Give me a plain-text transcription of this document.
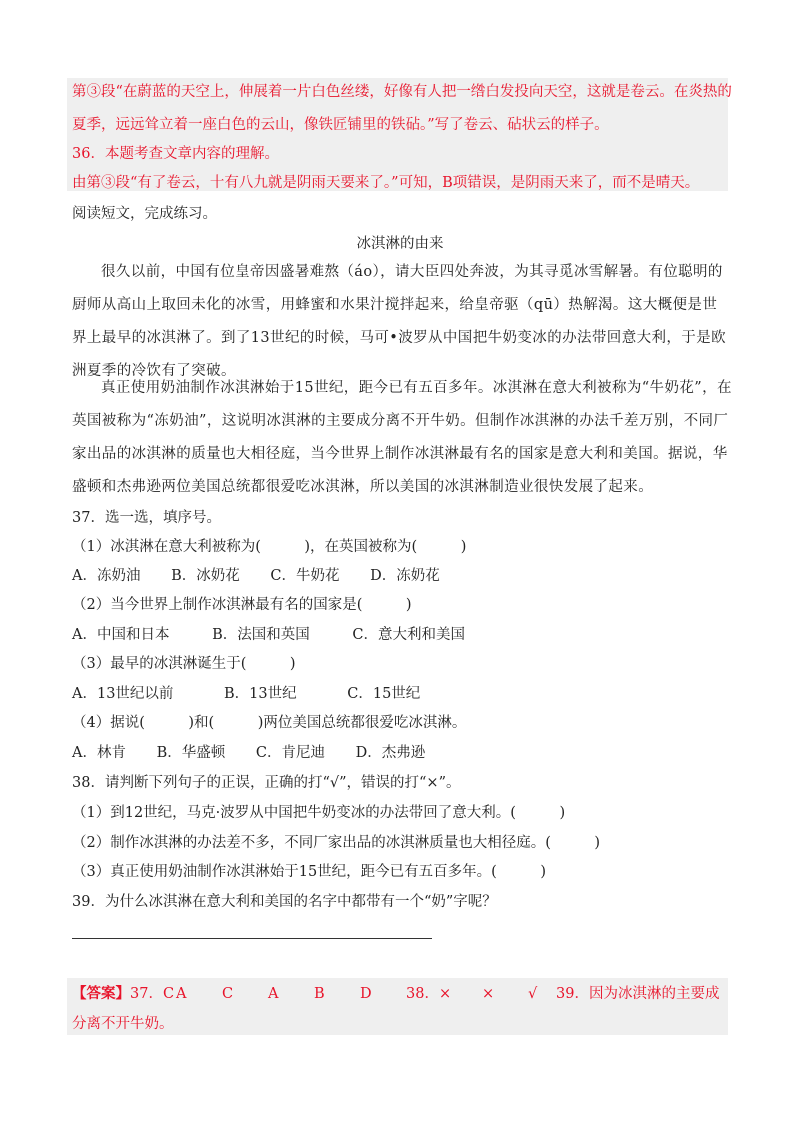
第③段“在蔚蓝的天空上，伸展着一片白色丝缕，好像有人把一绺白发投向天空，这就是卷云。在炎热的
夏季，远远耸立着一座白色的云山，像铁匠铺里的铁砧。”写了卷云、砧状云的样子。
36．本题考查文章内容的理解。
由第③段“有了卷云，十有八九就是阴雨天要来了。”可知，B项错误，是阴雨天来了，而不是晴天。
阅读短文，完成练习。
冰淇淋的由来
很久以前，中国有位皇帝因盛暑难熬（áo），请大臣四处奔波，为其寻觅冰雪解暑。有位聪明的厨师从高山上取回未化的冰雪，用蜂蜜和水果汁搅拌起来，给皇帝驱（qū）热解渴。这大概便是世界上最早的冰淇淋了。到了13世纪的时候，马可•波罗从中国把牛奶变冰的办法带回意大利，于是欧洲夏季的冷饮有了突破。
真正使用奶油制作冰淇淋始于15世纪，距今已有五百多年。冰淇淋在意大利被称为“牛奶花”，在英国被称为“冻奶油”，这说明冰淇淋的主要成分离不开牛奶。但制作冰淇淋的办法千差万别，不同厂家出品的冰淇淋的质量也大相径庭，当今世界上制作冰淇淋最有名的国家是意大利和美国。据说，华盛顿和杰弗逊两位美国总统都很爱吃冰淇淋，所以美国的冰淇淋制造业很快发展了起来。
37．选一选，填序号。
（1）冰淇淋在意大利被称为(　　　)，在英国被称为(　　　)
A．冻奶油 B．冰奶花 C．牛奶花 D．冻奶花
（2）当今世界上制作冰淇淋最有名的国家是(　　　)
A．中国和日本	B．法国和英国	C．意大利和美国
（3）最早的冰淇淋诞生于(　　　)
A．13世纪以前	B．13世纪	C．15世纪
（4）据说(　　　)和(　　　)两位美国总统都很爱吃冰淇淋。
A．林肯 B．华盛顿 C．肯尼迪 D．杰弗逊
38．请判断下列句子的正误，正确的打“√”，错误的打“×”。
（1）到12世纪，马克·波罗从中国把牛奶变冰的办法带回了意大利。(　　　)
（2）制作冰淇淋的办法差不多，不同厂家出品的冰淇淋质量也大相径庭。(　　　)
（3）真正使用奶油制作冰淇淋始于15世纪，距今已有五百多年。(　　　)
39．为什么冰淇淋在意大利和美国的名字中都带有一个“奶”字呢？
【答案】37．C A C A B D 38．× × √ 39．因为冰淇淋的主要成
分离不开牛奶。
